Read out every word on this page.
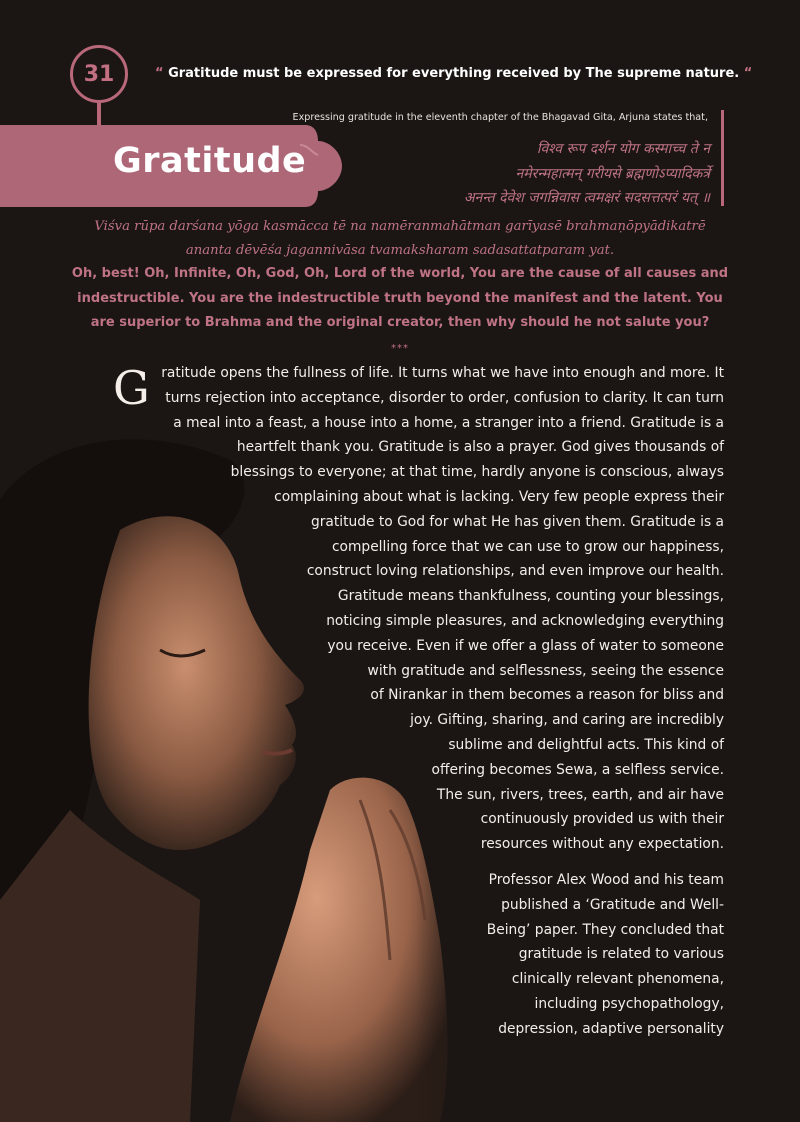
31	“ Gratitude must be expressed for everything received by The supreme nature. “
Gratitude
Expressing gratitude in the eleventh chapter of the Bhagavad Gita, Arjuna states that,
विश्व रूप दर्शन योग कस्माच्च ते न
नमेरन्महात्मन् गरीयसे ब्रह्मणोऽप्यादिकर्त्रे
अनन्त देवेश जगन्निवास त्वमक्षरं सदसत्तत्परं यत् ॥
Viśva rūpa darśana yōga kasmācca tē na namēranmahātman garīyasē brahmaṇōpyādikatrē
ananta dēvēśa jagannivāsa tvamaksharam sadasattatparam yat.
Oh, best! Oh, Infinite, Oh, God, Oh, Lord of the world, You are the cause of all causes and
indestructible. You are the indestructible truth beyond the manifest and the latent. You
are superior to Brahma and the original creator, then why should he not salute you?
***
G ratitude opens the fullness of life. It turns what we have into enough and more. It
turns rejection into acceptance, disorder to order, confusion to clarity. It can turn
a meal into a feast, a house into a home, a stranger into a friend. Gratitude is a
heartfelt thank you. Gratitude is also a prayer. God gives thousands of
blessings to everyone; at that time, hardly anyone is conscious, always
complaining about what is lacking. Very few people express their
gratitude to God for what He has given them. Gratitude is a
compelling force that we can use to grow our happiness,
construct loving relationships, and even improve our health.
Gratitude means thankfulness, counting your blessings,
noticing simple pleasures, and acknowledging everything
you receive. Even if we offer a glass of water to someone
with gratitude and selflessness, seeing the essence
of Nirankar in them becomes a reason for bliss and
joy. Gifting, sharing, and caring are incredibly
sublime and delightful acts. This kind of
offering becomes Sewa, a selfless service.
The sun, rivers, trees, earth, and air have
continuously provided us with their
resources without any expectation.
Professor Alex Wood and his team
published a ‘Gratitude and Well-
Being’ paper. They concluded that
gratitude is related to various
clinically relevant phenomena,
including psychopathology,
depression, adaptive personality
